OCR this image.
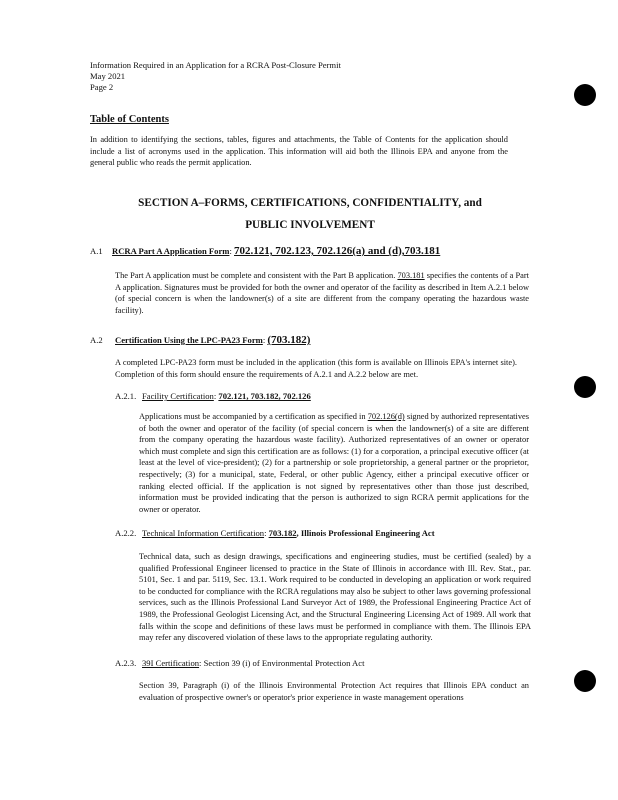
Information Required in an Application for a RCRA Post-Closure Permit
May 2021
Page 2
Table of Contents
In addition to identifying the sections, tables, figures and attachments, the Table of Contents for the application should include a list of acronyms used in the application. This information will aid both the Illinois EPA and anyone from the general public who reads the permit application.
SECTION A–FORMS, CERTIFICATIONS, CONFIDENTIALITY, and
PUBLIC INVOLVEMENT
A.1 RCRA Part A Application Form: 702.121, 702.123, 702.126(a) and (d),703.181
The Part A application must be complete and consistent with the Part B application. 703.181 specifies the contents of a Part A application. Signatures must be provided for both the owner and operator of the facility as described in Item A.2.1 below (of special concern is when the landowner(s) of a site are different from the company operating the hazardous waste facility).
A.2 Certification Using the LPC-PA23 Form: (703.182)
A completed LPC-PA23 form must be included in the application (this form is available on Illinois EPA's internet site). Completion of this form should ensure the requirements of A.2.1 and A.2.2 below are met.
A.2.1. Facility Certification: 702.121, 703.182, 702.126
Applications must be accompanied by a certification as specified in 702.126(d) signed by authorized representatives of both the owner and operator of the facility (of special concern is when the landowner(s) of a site are different from the company operating the hazardous waste facility). Authorized representatives of an owner or operator which must complete and sign this certification are as follows: (1) for a corporation, a principal executive officer (at least at the level of vice-president); (2) for a partnership or sole proprietorship, a general partner or the proprietor, respectively; (3) for a municipal, state, Federal, or other public Agency, either a principal executive officer or ranking elected official. If the application is not signed by representatives other than those just described, information must be provided indicating that the person is authorized to sign RCRA permit applications for the owner or operator.
A.2.2. Technical Information Certification: 703.182, Illinois Professional Engineering Act
Technical data, such as design drawings, specifications and engineering studies, must be certified (sealed) by a qualified Professional Engineer licensed to practice in the State of Illinois in accordance with Ill. Rev. Stat., par. 5101, Sec. 1 and par. 5119, Sec. 13.1. Work required to be conducted in developing an application or work required to be conducted for compliance with the RCRA regulations may also be subject to other laws governing professional services, such as the Illinois Professional Land Surveyor Act of 1989, the Professional Engineering Practice Act of 1989, the Professional Geologist Licensing Act, and the Structural Engineering Licensing Act of 1989. All work that falls within the scope and definitions of these laws must be performed in compliance with them. The Illinois EPA may refer any discovered violation of these laws to the appropriate regulating authority.
A.2.3. 39I Certification: Section 39 (i) of Environmental Protection Act
Section 39, Paragraph (i) of the Illinois Environmental Protection Act requires that Illinois EPA conduct an evaluation of prospective owner's or operator's prior experience in waste management operations
